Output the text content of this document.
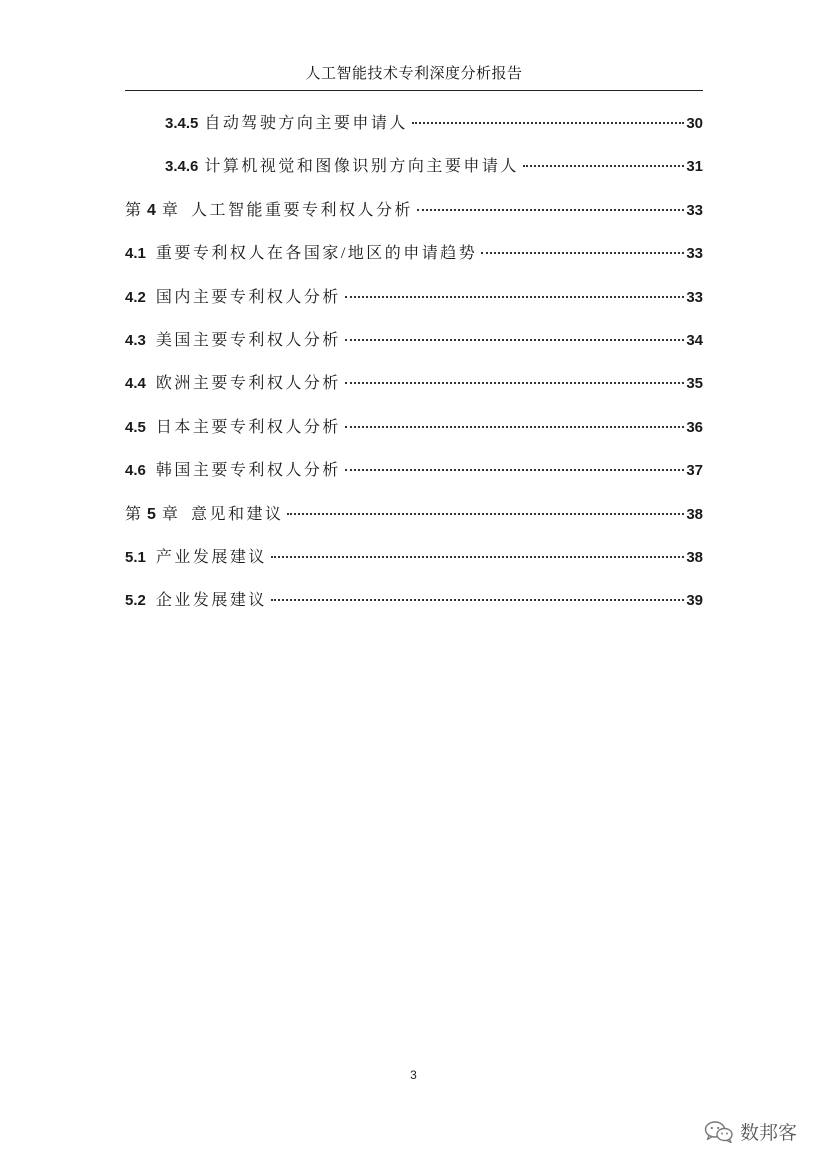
人工智能技术专利深度分析报告
3.4.5 自动驾驶方向主要申请人	30
3.4.6 计算机视觉和图像识别方向主要申请人	31
第 4 章 人工智能重要专利权人分析	33
4.1 重要专利权人在各国家/地区的申请趋势	33
4.2 国内主要专利权人分析	33
4.3 美国主要专利权人分析	34
4.4 欧洲主要专利权人分析	35
4.5 日本主要专利权人分析	36
4.6 韩国主要专利权人分析	37
第 5 章 意见和建议	38
5.1 产业发展建议	38
5.2 企业发展建议	39
3
数邦客
